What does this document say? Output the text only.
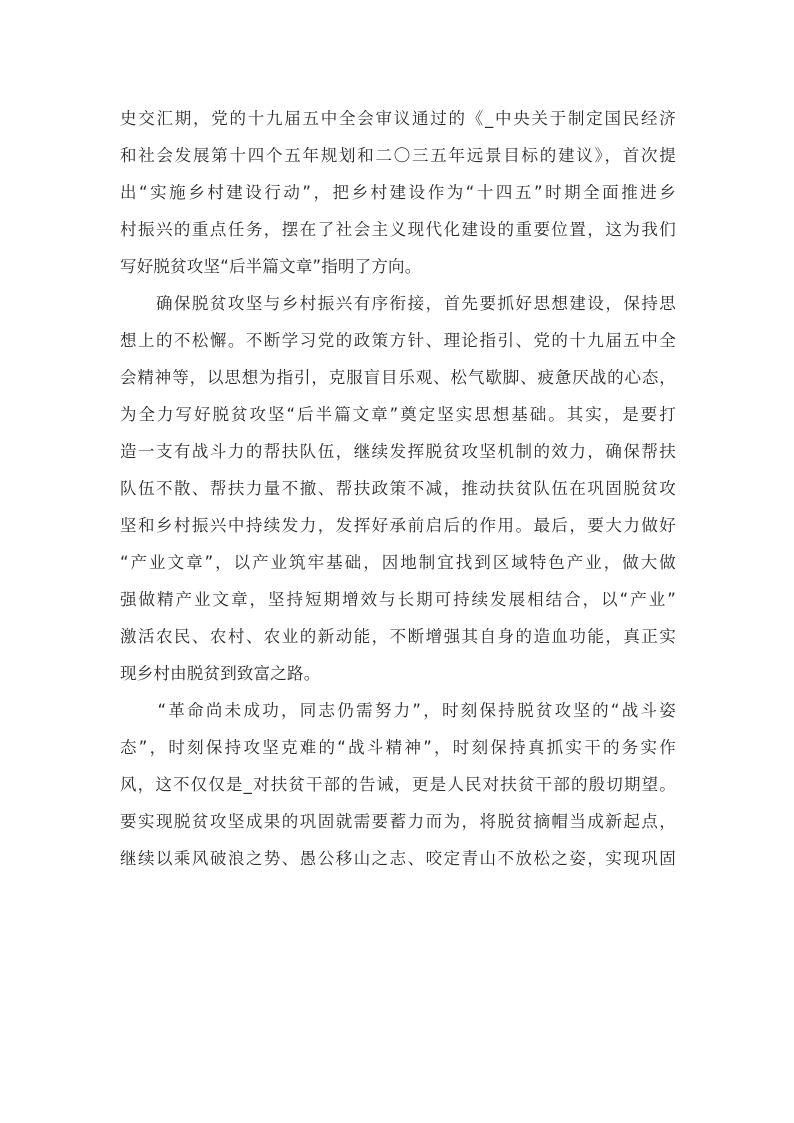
史交汇期，党的十九届五中全会审议通过的《_中央关于制定国民经济
和社会发展第十四个五年规划和二〇三五年远景目标的建议》，首次提
出“实施乡村建设行动”，把乡村建设作为“十四五”时期全面推进乡
村振兴的重点任务，摆在了社会主义现代化建设的重要位置，这为我们
写好脱贫攻坚“后半篇文章”指明了方向。
　　确保脱贫攻坚与乡村振兴有序衔接，首先要抓好思想建设，保持思
想上的不松懈。不断学习党的政策方针、理论指引、党的十九届五中全
会精神等，以思想为指引，克服盲目乐观、松气歇脚、疲惫厌战的心态，
为全力写好脱贫攻坚“后半篇文章”奠定坚实思想基础。其实，是要打
造一支有战斗力的帮扶队伍，继续发挥脱贫攻坚机制的效力，确保帮扶
队伍不散、帮扶力量不撤、帮扶政策不减，推动扶贫队伍在巩固脱贫攻
坚和乡村振兴中持续发力，发挥好承前启后的作用。最后，要大力做好
“产业文章”，以产业筑牢基础，因地制宜找到区域特色产业，做大做
强做精产业文章，坚持短期增效与长期可持续发展相结合，以“产业”
激活农民、农村、农业的新动能，不断增强其自身的造血功能，真正实
现乡村由脱贫到致富之路。
　　“革命尚未成功，同志仍需努力”，时刻保持脱贫攻坚的“战斗姿
态”，时刻保持攻坚克难的“战斗精神”，时刻保持真抓实干的务实作
风，这不仅仅是_对扶贫干部的告诫，更是人民对扶贫干部的殷切期望。
要实现脱贫攻坚成果的巩固就需要蓄力而为，将脱贫摘帽当成新起点，
继续以乘风破浪之势、愚公移山之志、咬定青山不放松之姿，实现巩固
